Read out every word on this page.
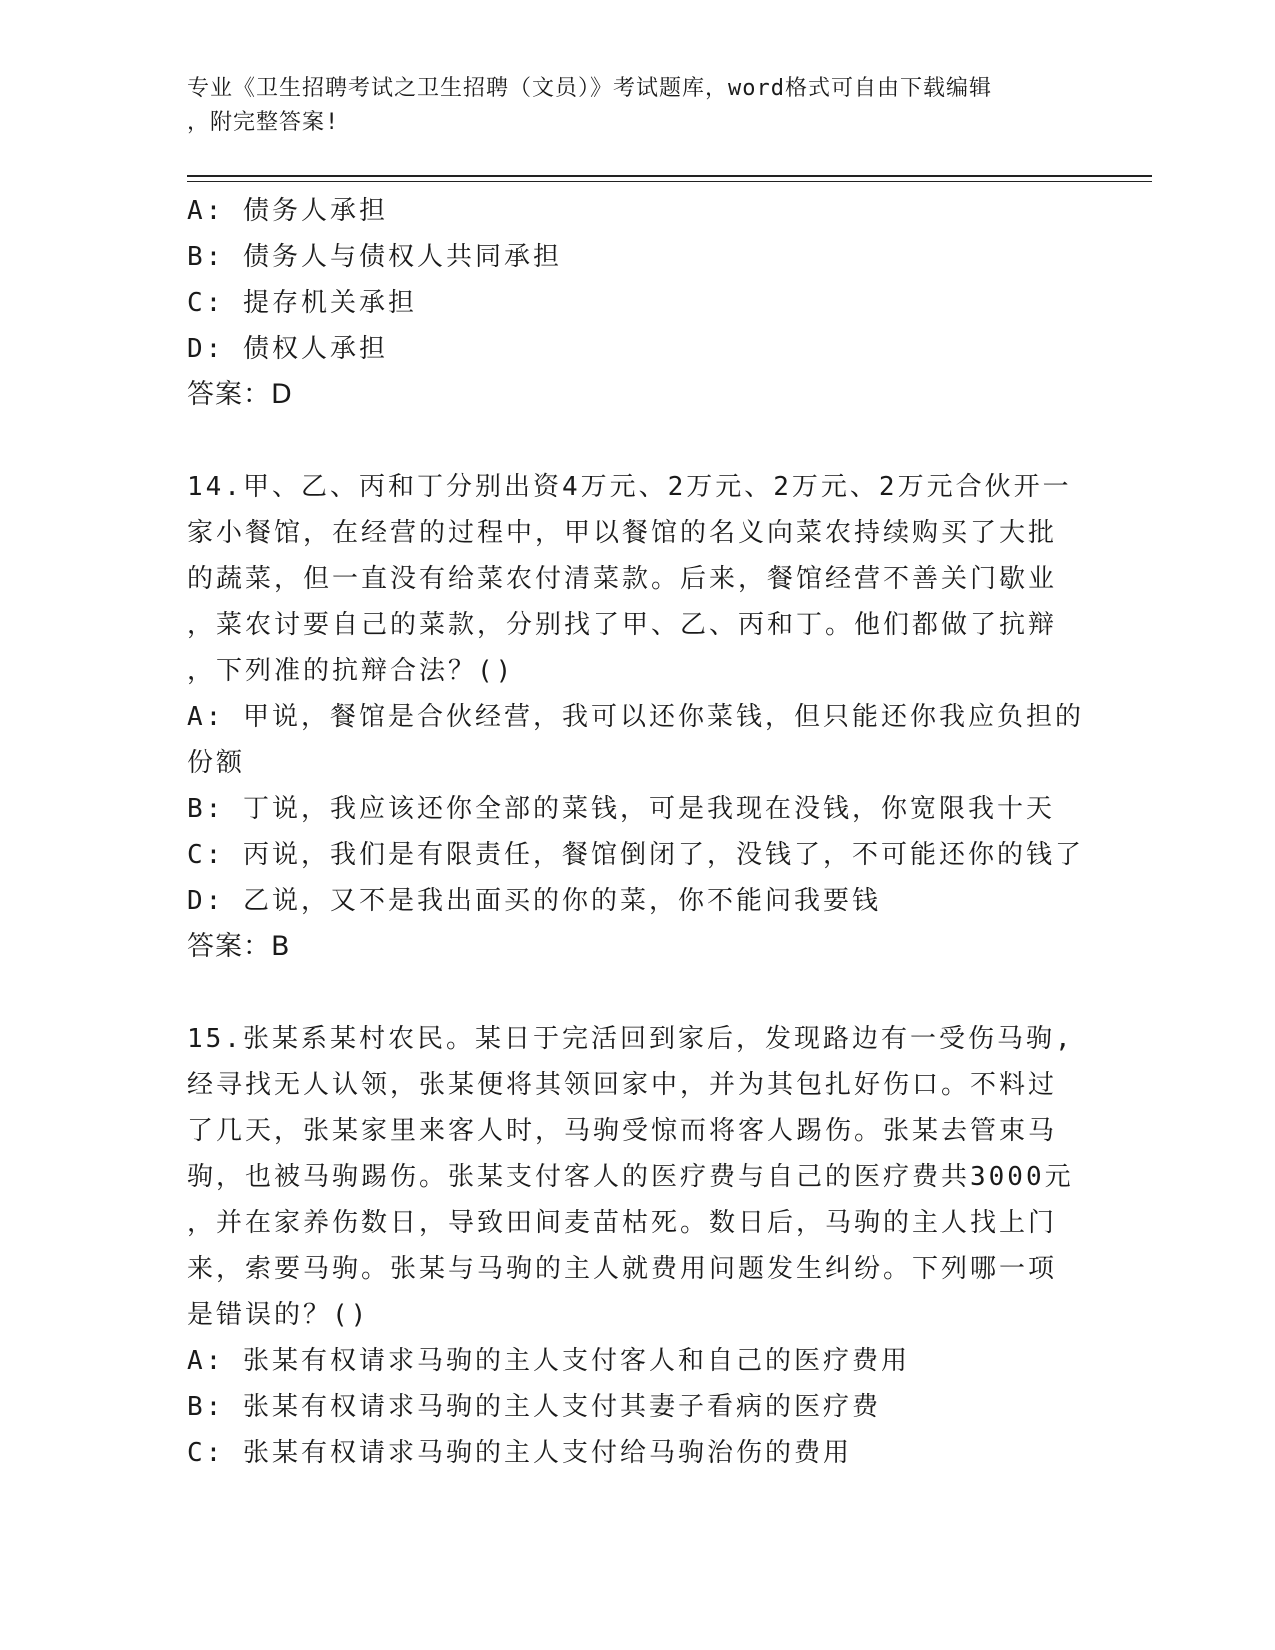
专业《卫生招聘考试之卫生招聘（文员）》考试题库，word格式可自由下载编辑
，附完整答案!
A: 债务人承担
B: 债务人与债权人共同承担
C: 提存机关承担
D: 债权人承担
答案：D
14.甲、乙、丙和丁分别出资4万元、2万元、2万元、2万元合伙开一
家小餐馆，在经营的过程中，甲以餐馆的名义向菜农持续购买了大批
的蔬菜，但一直没有给菜农付清菜款。后来，餐馆经营不善关门歇业
，菜农讨要自己的菜款，分别找了甲、乙、丙和丁。他们都做了抗辩
，下列准的抗辩合法？()
A: 甲说，餐馆是合伙经营，我可以还你菜钱，但只能还你我应负担的
份额
B: 丁说，我应该还你全部的菜钱，可是我现在没钱，你宽限我十天
C: 丙说，我们是有限责任，餐馆倒闭了，没钱了，不可能还你的钱了
D: 乙说，又不是我出面买的你的菜，你不能问我要钱
答案：B
15.张某系某村农民。某日于完活回到家后，发现路边有一受伤马驹,
经寻找无人认领，张某便将其领回家中，并为其包扎好伤口。不料过
了几天，张某家里来客人时，马驹受惊而将客人踢伤。张某去管束马
驹，也被马驹踢伤。张某支付客人的医疗费与自己的医疗费共3000元
，并在家养伤数日，导致田间麦苗枯死。数日后，马驹的主人找上门
来，索要马驹。张某与马驹的主人就费用问题发生纠纷。下列哪一项
是错误的？()
A: 张某有权请求马驹的主人支付客人和自己的医疗费用
B: 张某有权请求马驹的主人支付其妻子看病的医疗费
C: 张某有权请求马驹的主人支付给马驹治伤的费用
